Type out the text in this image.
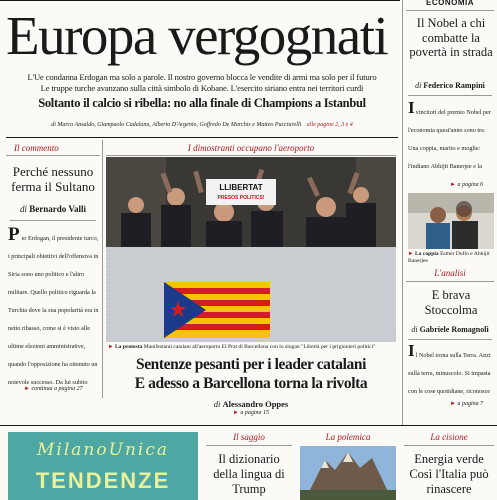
Europa vergognati
L'Ue condanna Erdogan ma solo a parole. Il nostro governo blocca le vendite di armi ma solo per il futuro
Le truppe turche avanzano sulla città simbolo di Kobane. L'esercito siriano entra nei territori curdi
Soltanto il calcio si ribella: no alla finale di Champions a Istanbul
di Marco Ansaldo, Giampaolo Cadalanu, Alberto D'Argenio, Goffredo De Marchis e Matteo Pucciarelli alle pagine 2, 3 e 4
Il commento
Perché nessuno ferma il Sultano
di Bernardo Valli
P er Erdogan, il presidente turco, i principali obiettivi dell'offensiva in Siria sono uno politico e l'altro militare. Quello politico riguarda la Turchia dove la sua popolarità era in netto ribasso, come si è visto alle ultime elezioni amministrative, quando l'opposizione ha ottenuto un notevole successo. Da lui subito
► continua a pagina 27
I dimostranti occupano l'aeroporto
LLIBERTAT
PRESOS POLITICS!
► La protesta Manifestanti catalani all'aeroporto El Prat di Barcellona con lo slogan "Libertà per i prigionieri politici"
Sentenze pesanti per i leader catalani
E adesso a Barcellona torna la rivolta
di Alessandro Oppes
► a pagina 15
ECONOMIA
Il Nobel a chi combatte la povertà in strada
di Federico Rampini
I vincitori del premio Nobel per l'economia quest'anno sono tre. Una coppia, marito e moglie: l'indiano Abhijit Banerjee e la
► a pagina 6
► La coppia Esther Duflo e Abhijit Banerjee
L'analisi
E brava Stoccolma
di Gabriele Romagnoli
I l Nobel torna sulla Terra. Anzi sulla terra, minuscolo. Si impasta con le cose quotidiane, riconosce
► a pagina 7
MilanoUnica
TENDENZE
Il saggio
Il dizionario della lingua di Trump
La polemica	La cisione
Energia verde Così l'Italia può rinascere
